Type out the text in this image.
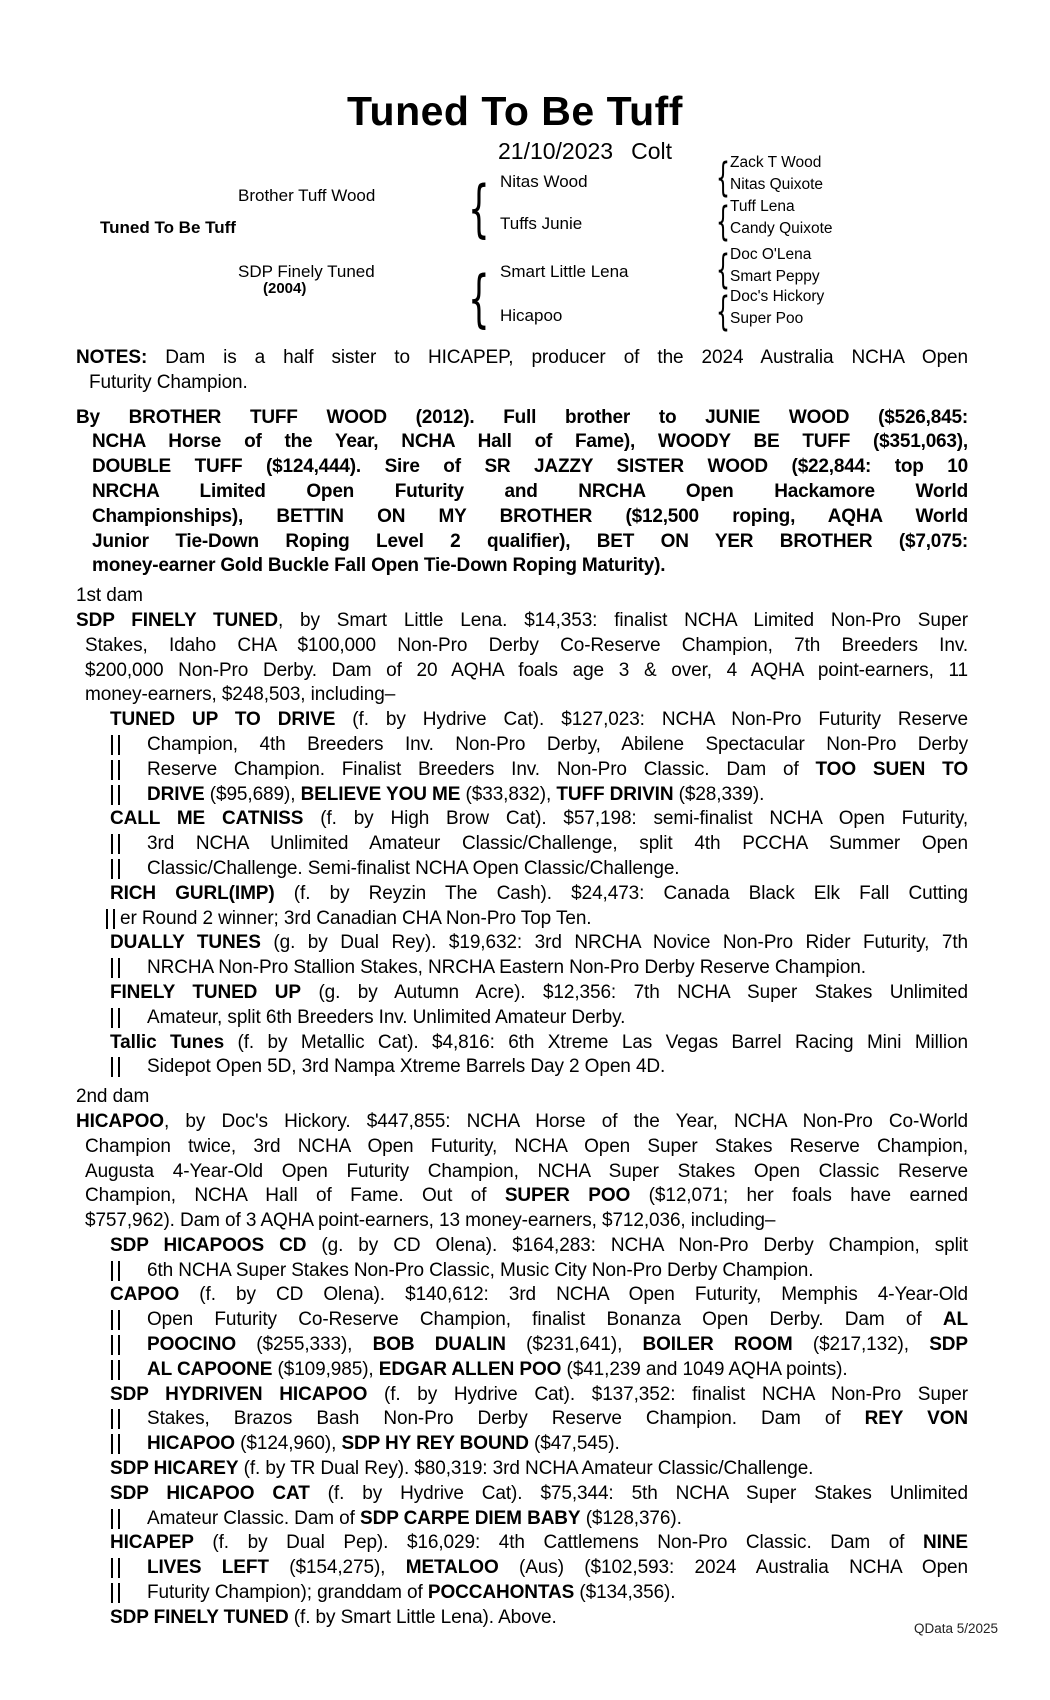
Tuned To Be Tuff
21/10/2023 Colt
Tuned To Be Tuff
Brother Tuff Wood
SDP Finely Tuned
(2004)
{ Nitas Wood
Tuffs Junie
{ Smart Little Lena
Hicapoo
{ Zack T Wood
Nitas Quixote
{ Tuff Lena
Candy Quixote
{ Doc O'Lena
Smart Peppy
{ Doc's Hickory
Super Poo
NOTES: Dam is a half sister to HICAPEP, producer of the 2024 Australia NCHA Open
Futurity Champion.
By BROTHER TUFF WOOD (2012). Full brother to JUNIE WOOD ($526,845:
NCHA Horse of the Year, NCHA Hall of Fame), WOODY BE TUFF ($351,063),
DOUBLE TUFF ($124,444). Sire of SR JAZZY SISTER WOOD ($22,844: top 10
NRCHA Limited Open Futurity and NRCHA Open Hackamore World
Championships), BETTIN ON MY BROTHER ($12,500 roping, AQHA World
Junior Tie-Down Roping Level 2 qualifier), BET ON YER BROTHER ($7,075:
money-earner Gold Buckle Fall Open Tie-Down Roping Maturity).
1st dam
SDP FINELY TUNED, by Smart Little Lena. $14,353: finalist NCHA Limited Non-Pro Super
Stakes, Idaho CHA $100,000 Non-Pro Derby Co-Reserve Champion, 7th Breeders Inv.
$200,000 Non-Pro Derby. Dam of 20 AQHA foals age 3 & over, 4 AQHA point-earners, 11
money-earners, $248,503, including–
TUNED UP TO DRIVE (f. by Hydrive Cat). $127,023: NCHA Non-Pro Futurity Reserve
Champion, 4th Breeders Inv. Non-Pro Derby, Abilene Spectacular Non-Pro Derby
Reserve Champion. Finalist Breeders Inv. Non-Pro Classic. Dam of TOO SUEN TO
DRIVE ($95,689), BELIEVE YOU ME ($33,832), TUFF DRIVIN ($28,339).
CALL ME CATNISS (f. by High Brow Cat). $57,198: semi-finalist NCHA Open Futurity,
3rd NCHA Unlimited Amateur Classic/Challenge, split 4th PCCHA Summer Open
Classic/Challenge. Semi-finalist NCHA Open Classic/Challenge.
RICH GURL(IMP) (f. by Reyzin The Cash). $24,473: Canada Black Elk Fall Cutting
er Round 2 winner; 3rd Canadian CHA Non-Pro Top Ten.
DUALLY TUNES (g. by Dual Rey). $19,632: 3rd NRCHA Novice Non-Pro Rider Futurity, 7th
NRCHA Non-Pro Stallion Stakes, NRCHA Eastern Non-Pro Derby Reserve Champion.
FINELY TUNED UP (g. by Autumn Acre). $12,356: 7th NCHA Super Stakes Unlimited
Amateur, split 6th Breeders Inv. Unlimited Amateur Derby.
Tallic Tunes (f. by Metallic Cat). $4,816: 6th Xtreme Las Vegas Barrel Racing Mini Million
Sidepot Open 5D, 3rd Nampa Xtreme Barrels Day 2 Open 4D.
2nd dam
HICAPOO, by Doc's Hickory. $447,855: NCHA Horse of the Year, NCHA Non-Pro Co-World
Champion twice, 3rd NCHA Open Futurity, NCHA Open Super Stakes Reserve Champion,
Augusta 4-Year-Old Open Futurity Champion, NCHA Super Stakes Open Classic Reserve
Champion, NCHA Hall of Fame. Out of SUPER POO ($12,071; her foals have earned
$757,962). Dam of 3 AQHA point-earners, 13 money-earners, $712,036, including–
SDP HICAPOOS CD (g. by CD Olena). $164,283: NCHA Non-Pro Derby Champion, split
6th NCHA Super Stakes Non-Pro Classic, Music City Non-Pro Derby Champion.
CAPOO (f. by CD Olena). $140,612: 3rd NCHA Open Futurity, Memphis 4-Year-Old
Open Futurity Co-Reserve Champion, finalist Bonanza Open Derby. Dam of AL
POOCINO ($255,333), BOB DUALIN ($231,641), BOILER ROOM ($217,132), SDP
AL CAPOONE ($109,985), EDGAR ALLEN POO ($41,239 and 1049 AQHA points).
SDP HYDRIVEN HICAPOO (f. by Hydrive Cat). $137,352: finalist NCHA Non-Pro Super
Stakes, Brazos Bash Non-Pro Derby Reserve Champion. Dam of REY VON
HICAPOO ($124,960), SDP HY REY BOUND ($47,545).
SDP HICAREY (f. by TR Dual Rey). $80,319: 3rd NCHA Amateur Classic/Challenge.
SDP HICAPOO CAT (f. by Hydrive Cat). $75,344: 5th NCHA Super Stakes Unlimited
Amateur Classic. Dam of SDP CARPE DIEM BABY ($128,376).
HICAPEP (f. by Dual Pep). $16,029: 4th Cattlemens Non-Pro Classic. Dam of NINE
LIVES LEFT ($154,275), METALOO (Aus) ($102,593: 2024 Australia NCHA Open
Futurity Champion); granddam of POCCAHONTAS ($134,356).
SDP FINELY TUNED (f. by Smart Little Lena). Above.
QData 5/2025
